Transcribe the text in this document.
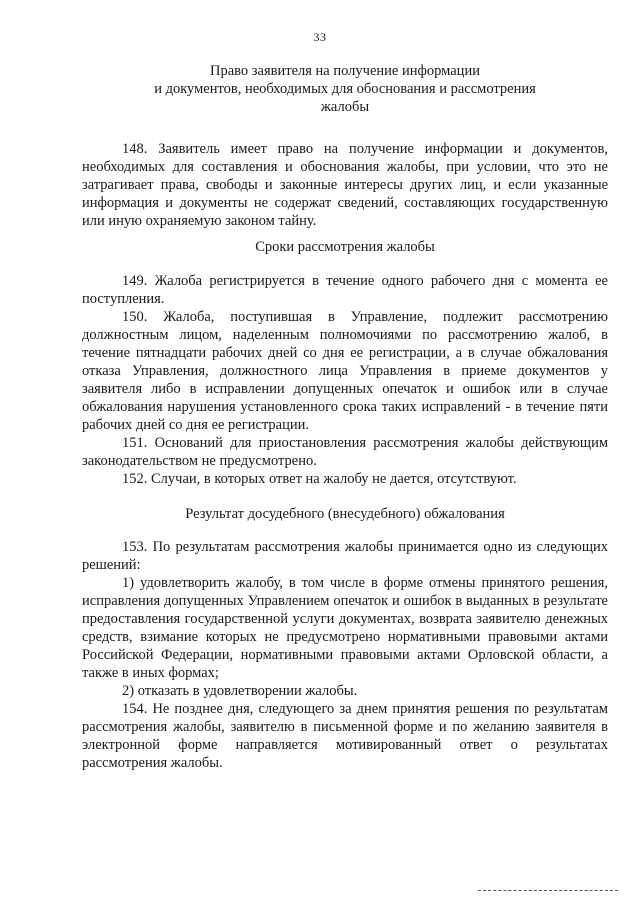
33
Право заявителя на получение информации
и документов, необходимых для обоснования и рассмотрения
жалобы

148. Заявитель имеет право на получение информации и документов, необходимых для составления и обоснования жалобы, при условии, что это не затрагивает права, свободы и законные интересы других лиц, и если указанные информация и документы не содержат сведений, составляющих государственную или иную охраняемую законом тайну.

Сроки рассмотрения жалобы

149. Жалоба регистрируется в течение одного рабочего дня с момента ее поступления.

150. Жалоба, поступившая в Управление, подлежит рассмотрению должностным лицом, наделенным полномочиями по рассмотрению жалоб, в течение пятнадцати рабочих дней со дня ее регистрации, а в случае обжалования отказа Управления, должностного лица Управления в приеме документов у заявителя либо в исправлении допущенных опечаток и ошибок или в случае обжалования нарушения установленного срока таких исправлений - в течение пяти рабочих дней со дня ее регистрации.

151. Оснований для приостановления рассмотрения жалобы действующим законодательством не предусмотрено.

152. Случаи, в которых ответ на жалобу не дается, отсутствуют.

Результат досудебного (внесудебного) обжалования

153. По результатам рассмотрения жалобы принимается одно из следующих решений:

1) удовлетворить жалобу, в том числе в форме отмены принятого решения, исправления допущенных Управлением опечаток и ошибок в выданных в результате предоставления государственной услуги документах, возврата заявителю денежных средств, взимание которых не предусмотрено нормативными правовыми актами Российской Федерации, нормативными правовыми актами Орловской области, а также в иных формах;

2) отказать в удовлетворении жалобы.

154. Не позднее дня, следующего за днем принятия решения по результатам рассмотрения жалобы, заявителю в письменной форме и по желанию заявителя в электронной форме направляется мотивированный ответ о результатах рассмотрения жалобы.
